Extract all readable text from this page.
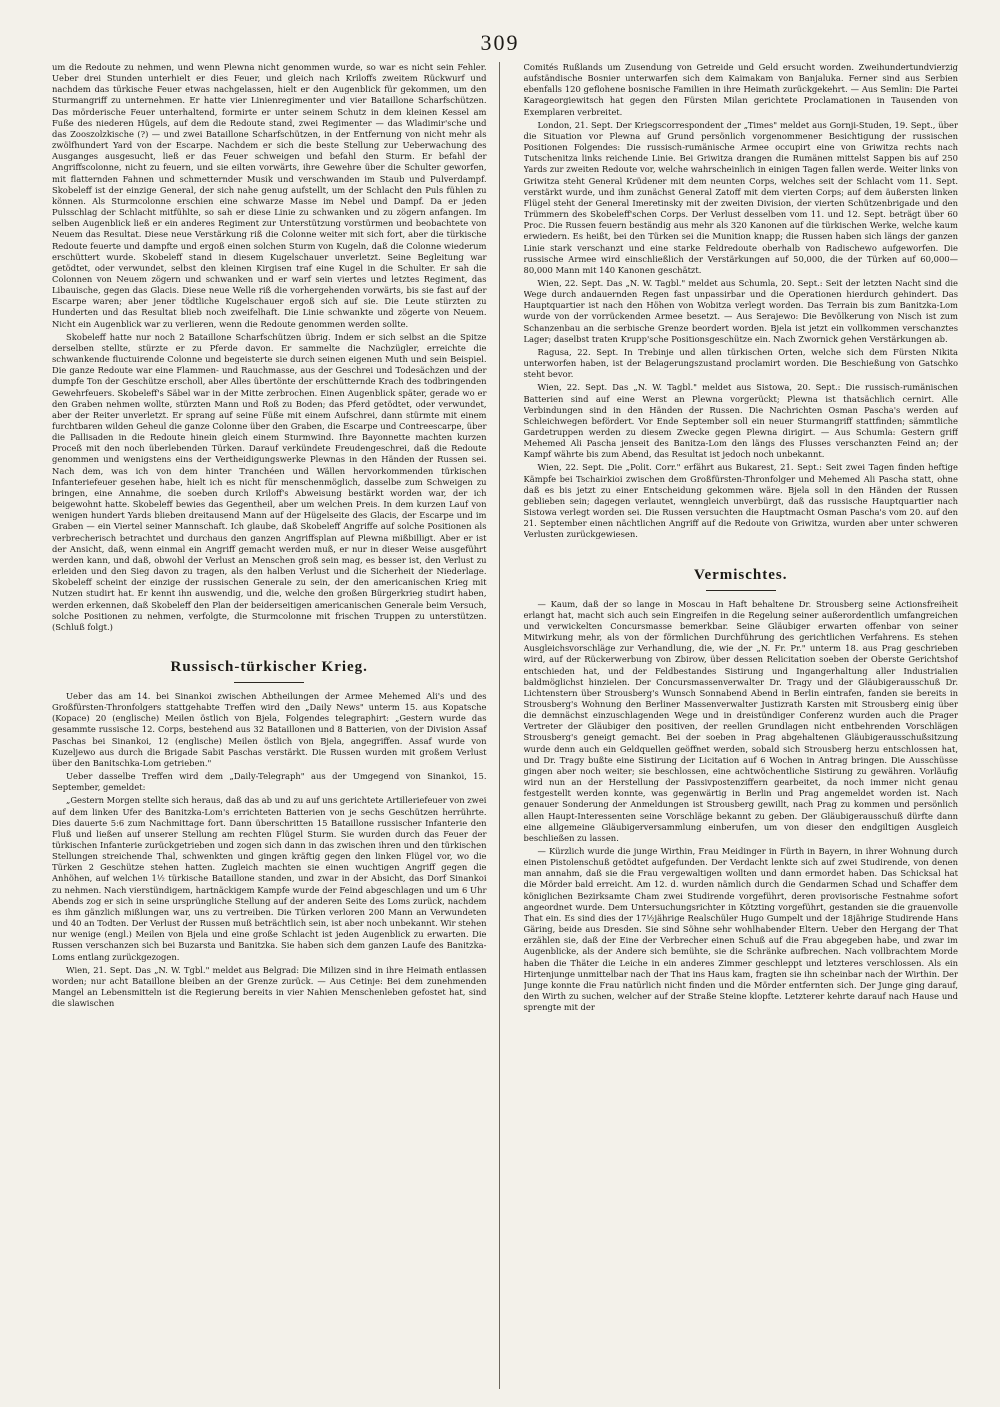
309

um die Redoute zu nehmen, und wenn Plewna nicht genommen wurde, so war es nicht sein Fehler. Ueber drei Stunden unterhielt er dies Feuer, und gleich nach Kriloffs zweitem Rückwurf und nachdem das türkische Feuer etwas nachgelassen, hielt er den Augenblick für gekommen, um den Sturmangriff zu unternehmen. Er hatte vier Linienregimenter und vier Bataillone Scharfschützen. Das mörderische Feuer unterhaltend, formirte er unter seinem Schutz in dem kleinen Kessel am Fuße des niederen Hügels, auf dem die Redoute stand, zwei Regimenter — das Wladimir'sche und das Zooszolzkische (?) — und zwei Bataillone Scharfschützen, in der Entfernung von nicht mehr als zwölfhundert Yard von der Escarpe. Nachdem er sich die beste Stellung zur Ueberwachung des Ausganges ausgesucht, ließ er das Feuer schweigen und befahl den Sturm. Er befahl der Angriffscolonne, nicht zu feuern, und sie eilten vorwärts, ihre Gewehre über die Schulter geworfen, mit flatternden Fahnen und schmetternder Musik und verschwanden im Staub und Pulverdampf. Skobeleff ist der einzige General, der sich nahe genug aufstellt, um der Schlacht den Puls fühlen zu können. Als Sturmcolonne erschien eine schwarze Masse im Nebel und Dampf. Da er jeden Pulsschlag der Schlacht mitfühlte, so sah er diese Linie zu schwanken und zu zögern anfangen. Im selben Augenblick ließ er ein anderes Regiment zur Unterstützung vorstürmen und beobachtete von Neuem das Resultat. Diese neue Verstärkung riß die Colonne weiter mit sich fort, aber die türkische Redoute feuerte und dampfte und ergoß einen solchen Sturm von Kugeln, daß die Colonne wiederum erschüttert wurde. Skobeleff stand in diesem Kugelschauer unverletzt. Seine Begleitung war getödtet, oder verwundet, selbst den kleinen Kirgisen traf eine Kugel in die Schulter. Er sah die Colonnen von Neuem zögern und schwanken und er warf sein viertes und letztes Regiment, das Libauische, gegen das Glacis. Diese neue Welle riß die vorhergehenden vorwärts, bis sie fast auf der Escarpe waren; aber jener tödtliche Kugelschauer ergoß sich auf sie. Die Leute stürzten zu Hunderten und das Resultat blieb noch zweifelhaft. Die Linie schwankte und zögerte von Neuem. Nicht ein Augenblick war zu verlieren, wenn die Redoute genommen werden sollte.

Skobeleff hatte nur noch 2 Bataillone Scharfschützen übrig. Indem er sich selbst an die Spitze derselben stellte, stürzte er zu Pferde davon. Er sammelte die Nachzügler, erreichte die schwankende fluctuirende Colonne und begeisterte sie durch seinen eigenen Muth und sein Beispiel. Die ganze Redoute war eine Flammen- und Rauchmasse, aus der Geschrei und Todesächzen und der dumpfe Ton der Geschütze erscholl, aber Alles übertönte der erschütternde Krach des todbringenden Gewehrfeuers. Skobeleff's Säbel war in der Mitte zerbrochen. Einen Augenblick später, gerade wo er den Graben nehmen wollte, stürzten Mann und Roß zu Boden; das Pferd getödtet, oder verwundet, aber der Reiter unverletzt. Er sprang auf seine Füße mit einem Aufschrei, dann stürmte mit einem furchtbaren wilden Geheul die ganze Colonne über den Graben, die Escarpe und Contreescarpe, über die Pallisaden in die Redoute hinein gleich einem Sturmwind. Ihre Bayonnette machten kurzen Proceß mit den noch überlebenden Türken. Darauf verkündete Freudengeschrei, daß die Redoute genommen und wenigstens eins der Vertheidigungswerke Plewnas in den Händen der Russen sei. Nach dem, was ich von dem hinter Tranchéen und Wällen hervorkommenden türkischen Infanteriefeuer gesehen habe, hielt ich es nicht für menschenmöglich, dasselbe zum Schweigen zu bringen, eine Annahme, die soeben durch Kriloff's Abweisung bestärkt worden war, der ich beigewohnt hatte. Skobeleff bewies das Gegentheil, aber um welchen Preis. In dem kurzen Lauf von wenigen hundert Yards blieben dreitausend Mann auf der Hügelseite des Glacis, der Escarpe und im Graben — ein Viertel seiner Mannschaft. Ich glaube, daß Skobeleff Angriffe auf solche Positionen als verbrecherisch betrachtet und durchaus den ganzen Angriffsplan auf Plewna mißbilligt. Aber er ist der Ansicht, daß, wenn einmal ein Angriff gemacht werden muß, er nur in dieser Weise ausgeführt werden kann, und daß, obwohl der Verlust an Menschen groß sein mag, es besser ist, den Verlust zu erleiden und den Sieg davon zu tragen, als den halben Verlust und die Sicherheit der Niederlage. Skobeleff scheint der einzige der russischen Generale zu sein, der den americanischen Krieg mit Nutzen studirt hat. Er kennt ihn auswendig, und die, welche den großen Bürgerkrieg studirt haben, werden erkennen, daß Skobeleff den Plan der beiderseitigen americanischen Generale beim Versuch, solche Positionen zu nehmen, verfolgte, die Sturmcolonne mit frischen Truppen zu unterstützen. (Schluß folgt.)

Russisch-türkischer Krieg.

Ueber das am 14. bei Sinankoi zwischen Abtheilungen der Armee Mehemed Ali's und des Großfürsten-Thronfolgers stattgehabte Treffen wird den „Daily News" unterm 15. aus Kopatsche (Kopace) 20 (englische) Meilen östlich von Bjela, Folgendes telegraphirt: „Gestern wurde das gesammte russische 12. Corps, bestehend aus 32 Bataillonen und 8 Batterien, von der Division Assaf Paschas bei Sinankoi, 12 (englische) Meilen östlich von Bjela, angegriffen. Assaf wurde von Kuzeljewo aus durch die Brigade Sabit Paschas verstärkt. Die Russen wurden mit großem Verlust über den Banitschka-Lom getrieben."

Ueber dasselbe Treffen wird dem „Daily-Telegraph" aus der Umgegend von Sinankoi, 15. September, gemeldet:

„Gestern Morgen stellte sich heraus, daß das ab und zu auf uns gerichtete Artilleriefeuer von zwei auf dem linken Ufer des Banitzka-Lom's errichteten Batterien von je sechs Geschützen herrührte. Dies dauerte 5:6 zum Nachmittage fort. Dann überschritten 15 Bataillone russischer Infanterie den Fluß und ließen auf unserer Stellung am rechten Flügel Sturm. Sie wurden durch das Feuer der türkischen Infanterie zurückgetrieben und zogen sich dann in das zwischen ihren und den türkischen Stellungen streichende Thal, schwenkten und gingen kräftig gegen den linken Flügel vor, wo die Türken 2 Geschütze stehen hatten. Zugleich machten sie einen wuchtigen Angriff gegen die Anhöhen, auf welchen 1½ türkische Bataillone standen, und zwar in der Absicht, das Dorf Sinankoi zu nehmen. Nach vierstündigem, hartnäckigem Kampfe wurde der Feind abgeschlagen und um 6 Uhr Abends zog er sich in seine ursprüngliche Stellung auf der anderen Seite des Loms zurück, nachdem es ihm gänzlich mißlungen war, uns zu vertreiben. Die Türken verloren 200 Mann an Verwundeten und 40 an Todten. Der Verlust der Russen muß beträchtlich sein, ist aber noch unbekannt. Wir stehen nur wenige (engl.) Meilen von Bjela und eine große Schlacht ist jeden Augenblick zu erwarten. Die Russen verschanzen sich bei Buzarsta und Banitzka. Sie haben sich dem ganzen Laufe des Banitzka-Loms entlang zurückgezogen.

Wien, 21. Sept. Das „N. W. Tgbl." meldet aus Belgrad: Die Milizen sind in ihre Heimath entlassen worden; nur acht Bataillone bleiben an der Grenze zurück. — Aus Cetinje: Bei dem zunehmenden Mangel an Lebensmitteln ist die Regierung bereits in vier Nahien Menschenleben gefostet hat, sind die slawischen

Comités Rußlands um Zusendung von Getreide und Geld ersucht worden. Zweihundertundvierzig aufständische Bosnier unterwarfen sich dem Kaimakam von Banjaluka. Ferner sind aus Serbien ebenfalls 120 geflohene bosnische Familien in ihre Heimath zurückgekehrt. — Aus Semlin: Die Partei Karageorgiewitsch hat gegen den Fürsten Milan gerichtete Proclamationen in Tausenden von Exemplaren verbreitet.

London, 21. Sept. Der Kriegscorrespondent der „Times" meldet aus Gornji-Studen, 19. Sept., über die Situation vor Plewna auf Grund persönlich vorgenommener Besichtigung der russischen Positionen Folgendes: Die russisch-rumänische Armee occupirt eine von Griwitza rechts nach Tutschenitza links reichende Linie. Bei Griwitza drangen die Rumänen mittelst Sappen bis auf 250 Yards zur zweiten Redoute vor, welche wahrscheinlich in einigen Tagen fallen werde. Weiter links von Griwitza steht General Krüdener mit dem neunten Corps, welches seit der Schlacht vom 11. Sept. verstärkt wurde, und ihm zunächst General Zatoff mit dem vierten Corps; auf dem äußersten linken Flügel steht der General Imeretinsky mit der zweiten Division, der vierten Schützenbrigade und den Trümmern des Skobeleff'schen Corps. Der Verlust desselben vom 11. und 12. Sept. beträgt über 60 Proc. Die Russen feuern beständig aus mehr als 320 Kanonen auf die türkischen Werke, welche kaum erwiedern. Es heißt, bei den Türken sei die Munition knapp; die Russen haben sich längs der ganzen Linie stark verschanzt und eine starke Feldredoute oberhalb von Radischewo aufgeworfen. Die russische Armee wird einschließlich der Verstärkungen auf 50,000, die der Türken auf 60,000—80,000 Mann mit 140 Kanonen geschätzt.

Wien, 22. Sept. Das „N. W. Tagbl." meldet aus Schumla, 20. Sept.: Seit der letzten Nacht sind die Wege durch andauernden Regen fast unpassirbar und die Operationen hierdurch gehindert. Das Hauptquartier ist nach den Höhen von Wobitza verlegt worden. Das Terrain bis zum Banitzka-Lom wurde von der vorrückenden Armee besetzt. — Aus Serajewo: Die Bevölkerung von Nisch ist zum Schanzenbau an die serbische Grenze beordert worden. Bjela ist jetzt ein vollkommen verschanztes Lager; daselbst traten Krupp'sche Positionsgeschütze ein. Nach Zwornick gehen Verstärkungen ab.

Ragusa, 22. Sept. In Trebinje und allen türkischen Orten, welche sich dem Fürsten Nikita unterworfen haben, ist der Belagerungszustand proclamirt worden. Die Beschießung von Gatschko steht bevor.

Wien, 22. Sept. Das „N. W. Tagbl." meldet aus Sistowa, 20. Sept.: Die russisch-rumänischen Batterien sind auf eine Werst an Plewna vorgerückt; Plewna ist thatsächlich cernirt. Alle Verbindungen sind in den Händen der Russen. Die Nachrichten Osman Pascha's werden auf Schleichwegen befördert. Vor Ende September soll ein neuer Sturmangriff stattfinden; sämmtliche Gardetruppen werden zu diesem Zwecke gegen Plewna dirigirt. — Aus Schumla: Gestern griff Mehemed Ali Pascha jenseit des Banitza-Lom den längs des Flusses verschanzten Feind an; der Kampf währte bis zum Abend, das Resultat ist jedoch noch unbekannt.

Wien, 22. Sept. Die „Polit. Corr." erfährt aus Bukarest, 21. Sept.: Seit zwei Tagen finden heftige Kämpfe bei Tschairkioi zwischen dem Großfürsten-Thronfolger und Mehemed Ali Pascha statt, ohne daß es bis jetzt zu einer Entscheidung gekommen wäre. Bjela soll in den Händen der Russen geblieben sein; dagegen verlautet, wenngleich unverbürgt, daß das russische Hauptquartier nach Sistowa verlegt worden sei. Die Russen versuchten die Hauptmacht Osman Pascha's vom 20. auf den 21. September einen nächtlichen Angriff auf die Redoute von Griwitza, wurden aber unter schweren Verlusten zurückgewiesen.

Vermischtes.

— Kaum, daß der so lange in Moscau in Haft behaltene Dr. Strousberg seine Actionsfreiheit erlangt hat, macht sich auch sein Eingreifen in die Regelung seiner außerordentlich umfangreichen und verwickelten Concursmasse bemerkbar. Seine Gläubiger erwarten offenbar von seiner Mitwirkung mehr, als von der förmlichen Durchführung des gerichtlichen Verfahrens. Es stehen Ausgleichsvorschläge zur Verhandlung, die, wie der „N. Fr. Pr." unterm 18. aus Prag geschrieben wird, auf der Rückerwerbung von Zbirow, über dessen Relicitation soeben der Oberste Gerichtshof entschieden hat, und der Feldbestandes Sistirung und Ingangerhaltung aller Industrialien baldmöglichst hinzielen. Der Concursmassenverwalter Dr. Tragy und der Gläubigerausschuß Dr. Lichtenstern über Strousberg's Wunsch Sonnabend Abend in Berlin eintrafen, fanden sie bereits in Strousberg's Wohnung den Berliner Massenverwalter Justizrath Karsten mit Strousberg einig über die demnächst einzuschlagenden Wege und in dreistündiger Conferenz wurden auch die Prager Vertreter der Gläubiger den positiven, der reellen Grundlagen nicht entbehrenden Vorschlägen Strousberg's geneigt gemacht. Bei der soeben in Prag abgehaltenen Gläubigerausschußsitzung wurde denn auch ein Geldquellen geöffnet werden, sobald sich Strousberg herzu entschlossen hat, und Dr. Tragy bußte eine Sistirung der Licitation auf 6 Wochen in Antrag bringen. Die Ausschüsse gingen aber noch weiter; sie beschlossen, eine achtwöchentliche Sistirung zu gewähren. Vorläufig wird nun an der Herstellung der Passivpostenziffern gearbeitet, da noch immer nicht genau festgestellt werden konnte, was gegenwärtig in Berlin und Prag angemeldet worden ist. Nach genauer Sonderung der Anmeldungen ist Strousberg gewillt, nach Prag zu kommen und persönlich allen Haupt-Interessenten seine Vorschläge bekannt zu geben. Der Gläubigerausschuß dürfte dann eine allgemeine Gläubigerversammlung einberufen, um von dieser den endgiltigen Ausgleich beschließen zu lassen.

— Kürzlich wurde die junge Wirthin, Frau Meidinger in Fürth in Bayern, in ihrer Wohnung durch einen Pistolenschuß getödtet aufgefunden. Der Verdacht lenkte sich auf zwei Studirende, von denen man annahm, daß sie die Frau vergewaltigen wollten und dann ermordet haben. Das Schicksal hat die Mörder bald erreicht. Am 12. d. wurden nämlich durch die Gendarmen Schad und Schaffer dem königlichen Bezirksamte Cham zwei Studirende vorgeführt, deren provisorische Festnahme sofort angeordnet wurde. Dem Untersuchungsrichter in Kötzting vorgeführt, gestanden sie die grauenvolle That ein. Es sind dies der 17½jährige Realschüler Hugo Gumpelt und der 18jährige Studirende Hans Gäring, beide aus Dresden. Sie sind Söhne sehr wohlhabender Eltern. Ueber den Hergang der That erzählen sie, daß der Eine der Verbrecher einen Schuß auf die Frau abgegeben habe, und zwar im Augenblicke, als der Andere sich bemühte, sie die Schränke aufbrechen. Nach vollbrachtem Morde haben die Thäter die Leiche in ein anderes Zimmer geschleppt und letzteres verschlossen. Als ein Hirtenjunge unmittelbar nach der That ins Haus kam, fragten sie ihn scheinbar nach der Wirthin. Der Junge konnte die Frau natürlich nicht finden und die Mörder entfernten sich. Der Junge ging darauf, den Wirth zu suchen, welcher auf der Straße Steine klopfte. Letzterer kehrte darauf nach Hause und sprengte mit der
